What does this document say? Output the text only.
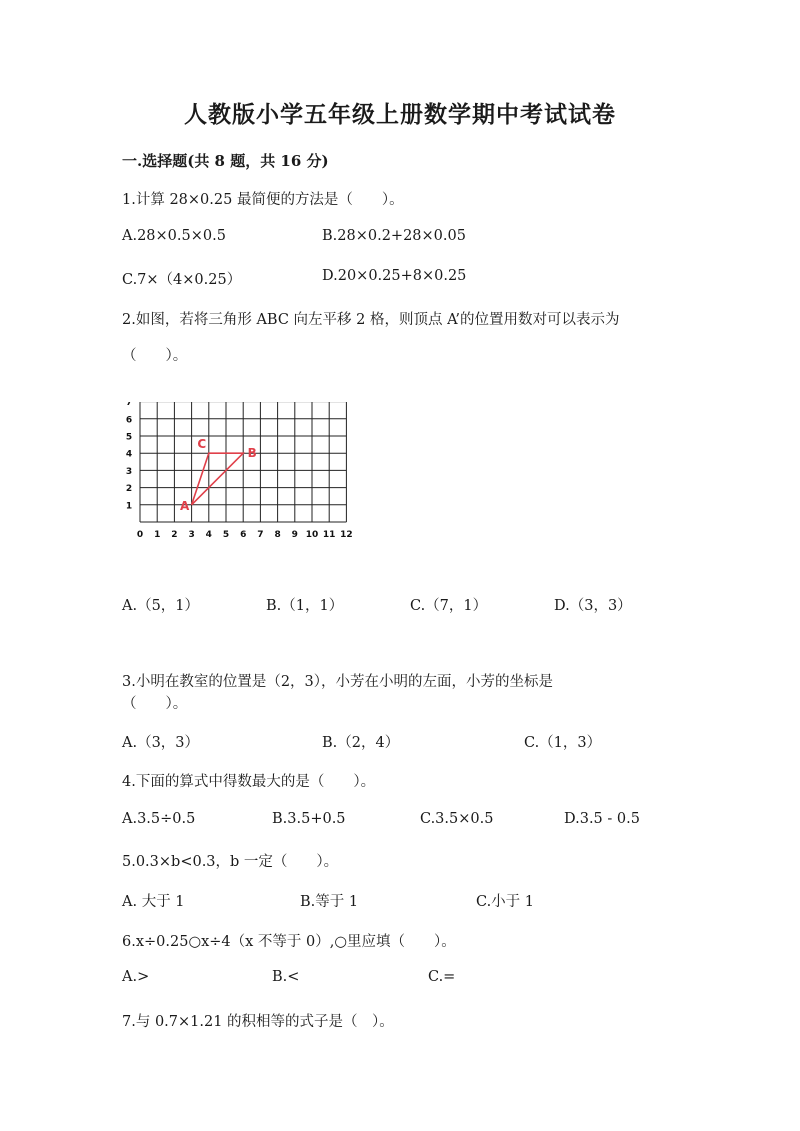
人教版小学五年级上册数学期中考试试卷
一.选择题(共 8 题，共 16 分)
1.计算 28×0.25 最简便的方法是（　　）。
A.28×0.5×0.5	B.28×0.2+28×0.05
C.7×（4×0.25）	D.20×0.25+8×0.25
2.如图，若将三角形 ABC 向左平移 2 格，则顶点 A’的位置用数对可以表示为
（　　）。
0 1 2 3 4 5 6 7 8 9 10 11 12
1
2
3
4
5
6
7
A
B
C
A.（5，1）	B.（1，1）	C.（7，1）	D.（3，3）
3.小明在教室的位置是（2，3），小芳在小明的左面，小芳的坐标是
（　　）。
A.（3，3）	B.（2，4）	C.（1，3）
4.下面的算式中得数最大的是（　　）。
A.3.5÷0.5	B.3.5+0.5	C.3.5×0.5	D.3.5 - 0.5
5.0.3×b<0.3，b 一定（　　）。
A. 大于 1	B.等于 1	C.小于 1
6.x÷0.25○x÷4（x 不等于 0）,○里应填（　　）。
A.>	B.<	C.=
7.与 0.7×1.21 的积相等的式子是（　）。
